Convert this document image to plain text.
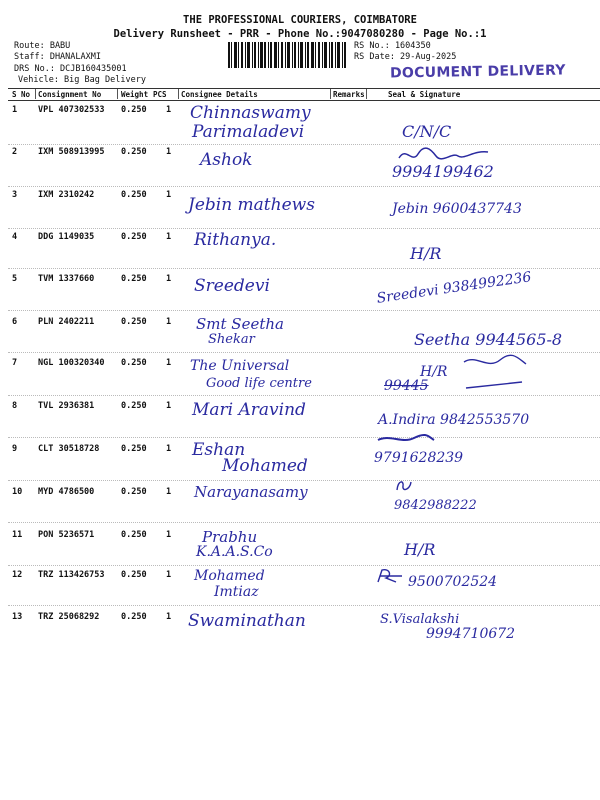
THE PROFESSIONAL COURIERS, COIMBATORE
Delivery Runsheet - PRR - Phone No.:9047080280 - Page No.:1
Route: BABU
Staff: DHANALAXMI
DRS No.: DCJB160435001
Vehicle: Big Bag Delivery
RS No.: 1604350
RS Date: 29-Aug-2025
DOCUMENT DELIVERY
S No Consignment No	Weight PCS Consignee Details	Remarks	Seal & Signature
1 VPL 407302533 0.250 1 Chinnaswamy
Parimaladevi	C/N/C
2 IXM 508913995 0.250 1 Ashok
9994199462
3 IXM 2310242	0.250 1 Jebin mathews	Jebin 9600437743
4 DDG 1149035	0.250 1 Rithanya.
H/R
5 TVM 1337660	0.250 1 Sreedevi	Sreedevi 9384992236
6 PLN 2402211	0.250 1 Smt Seetha
Shekar	Seetha 9944565-8
7 NGL 100320340 0.250 1 The Universal
Good life centre
H/R
99445
8 TVL 2936381	0.250 1 Mari Aravind	A.Indira 9842553570
9 CLT 30518728	0.250 1 Eshan
Mohamed	9791628239
10 MYD 4786500	0.250 1 Narayanasamy
9842988222
11 PON 5236571	0.250 1 Prabhu
K.A.A.S.Co	H/R
12 TRZ 113426753 0.250 1 Mohamed
Imtiaz
9500702524
13 TRZ 25068292	0.250 1 Swaminathan	S.Visalakshi
9994710672
